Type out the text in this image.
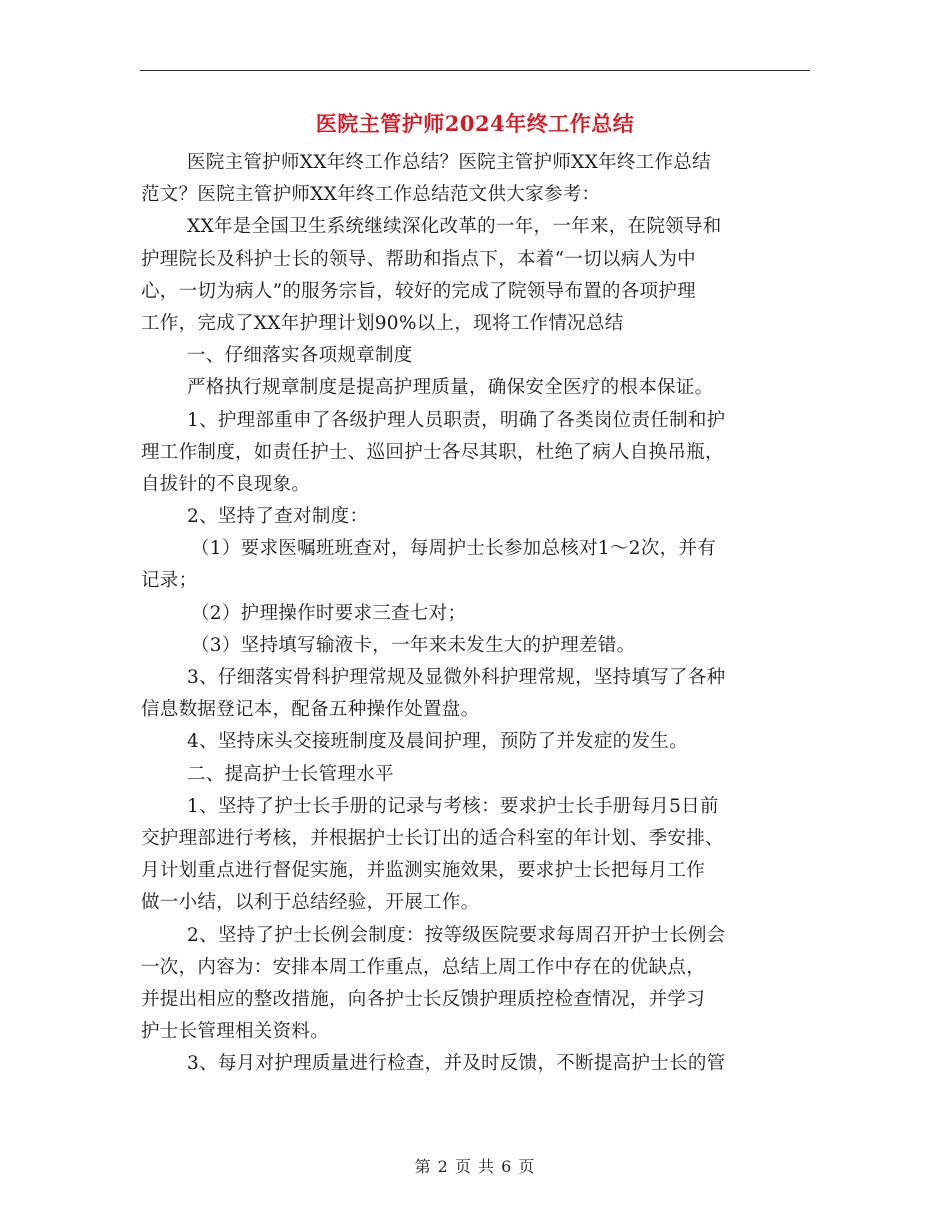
医院主管护师2024年终工作总结
医院主管护师XX年终工作总结？医院主管护师XX年终工作总结
范文？医院主管护师XX年终工作总结范文供大家参考：
XX年是全国卫生系统继续深化改革的一年，一年来，在院领导和
护理院长及科护士长的领导、帮助和指点下，本着“一切以病人为中
心，一切为病人”的服务宗旨，较好的完成了院领导布置的各项护理
工作，完成了XX年护理计划90%以上，现将工作情况总结
一、仔细落实各项规章制度
严格执行规章制度是提高护理质量，确保安全医疗的根本保证。
1、护理部重申了各级护理人员职责，明确了各类岗位责任制和护
理工作制度，如责任护士、巡回护士各尽其职，杜绝了病人自换吊瓶，
自拔针的不良现象。
2、坚持了查对制度：
（1）要求医嘱班班查对，每周护士长参加总核对1～2次，并有
记录；
（2）护理操作时要求三查七对；
（3）坚持填写输液卡，一年来未发生大的护理差错。
3、仔细落实骨科护理常规及显微外科护理常规，坚持填写了各种
信息数据登记本，配备五种操作处置盘。
4、坚持床头交接班制度及晨间护理，预防了并发症的发生。
二、提高护士长管理水平
1、坚持了护士长手册的记录与考核：要求护士长手册每月5日前
交护理部进行考核，并根据护士长订出的适合科室的年计划、季安排、
月计划重点进行督促实施，并监测实施效果，要求护士长把每月工作
做一小结，以利于总结经验，开展工作。
2、坚持了护士长例会制度：按等级医院要求每周召开护士长例会
一次，内容为：安排本周工作重点，总结上周工作中存在的优缺点，
并提出相应的整改措施，向各护士长反馈护理质控检查情况，并学习
护士长管理相关资料。
3、每月对护理质量进行检查，并及时反馈，不断提高护士长的管
第 2 页 共 6 页
